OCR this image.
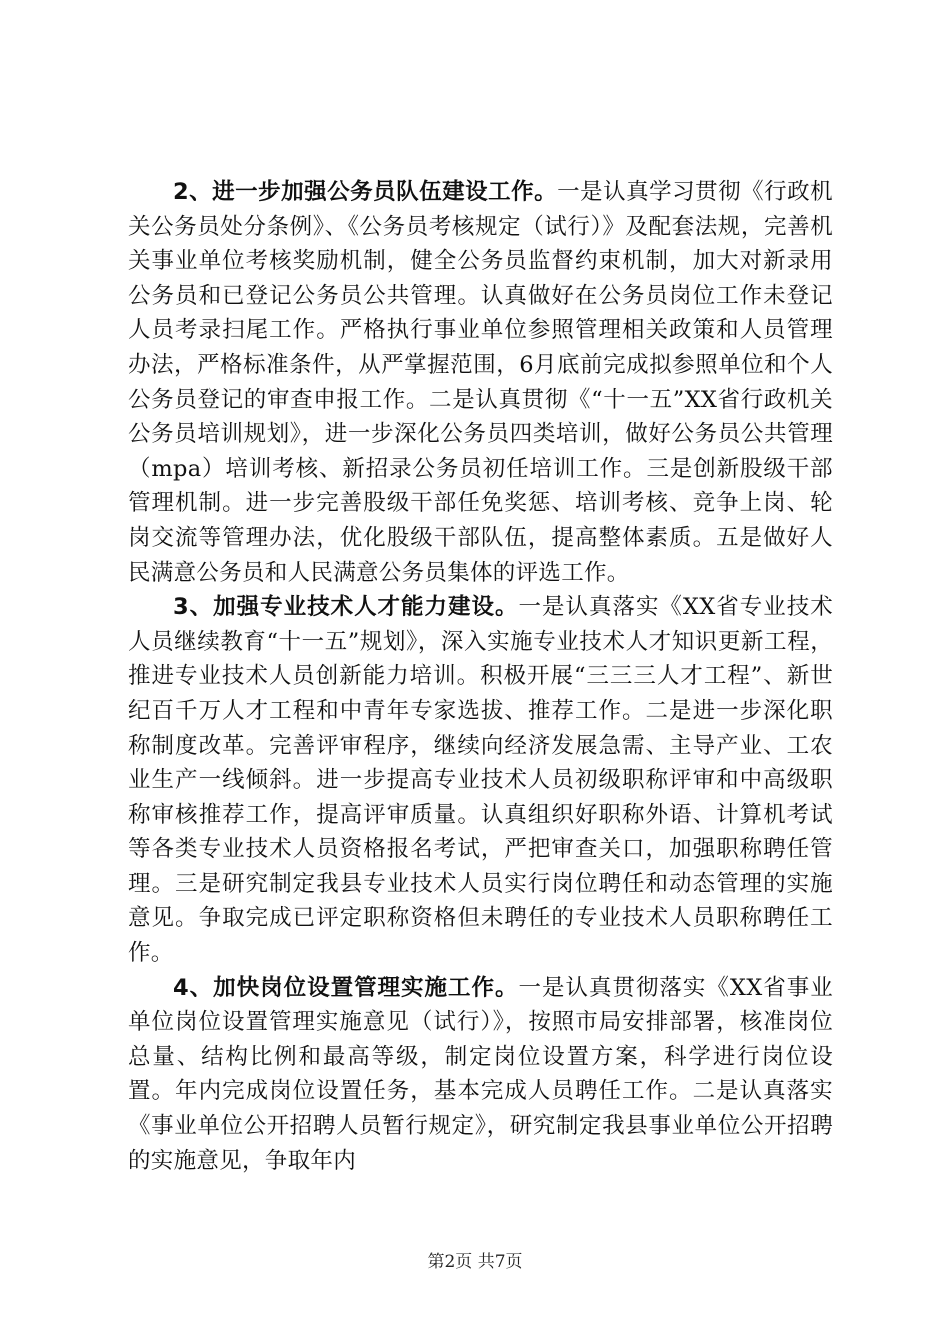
2、进一步加强公务员队伍建设工作。一是认真学习贯彻《行政机关公务员处分条例》、《公务员考核规定（试行）》及配套法规，完善机关事业单位考核奖励机制，健全公务员监督约束机制，加大对新录用公务员和已登记公务员公共管理。认真做好在公务员岗位工作未登记人员考录扫尾工作。严格执行事业单位参照管理相关政策和人员管理办法，严格标准条件，从严掌握范围，6月底前完成拟参照单位和个人公务员登记的审查申报工作。二是认真贯彻《“十一五”XX省行政机关公务员培训规划》，进一步深化公务员四类培训，做好公务员公共管理（mpa）培训考核、新招录公务员初任培训工作。三是创新股级干部管理机制。进一步完善股级干部任免奖惩、培训考核、竞争上岗、轮岗交流等管理办法，优化股级干部队伍，提高整体素质。五是做好人民满意公务员和人民满意公务员集体的评选工作。

3、加强专业技术人才能力建设。一是认真落实《XX省专业技术人员继续教育“十一五”规划》，深入实施专业技术人才知识更新工程，推进专业技术人员创新能力培训。积极开展“三三三人才工程”、新世纪百千万人才工程和中青年专家选拔、推荐工作。二是进一步深化职称制度改革。完善评审程序，继续向经济发展急需、主导产业、工农业生产一线倾斜。进一步提高专业技术人员初级职称评审和中高级职称审核推荐工作，提高评审质量。认真组织好职称外语、计算机考试等各类专业技术人员资格报名考试，严把审查关口，加强职称聘任管理。三是研究制定我县专业技术人员实行岗位聘任和动态管理的实施意见。争取完成已评定职称资格但未聘任的专业技术人员职称聘任工作。

4、加快岗位设置管理实施工作。一是认真贯彻落实《XX省事业单位岗位设置管理实施意见（试行）》，按照市局安排部署，核准岗位总量、结构比例和最高等级，制定岗位设置方案，科学进行岗位设置。年内完成岗位设置任务，基本完成人员聘任工作。二是认真落实《事业单位公开招聘人员暂行规定》，研究制定我县事业单位公开招聘的实施意见，争取年内

第2页 共7页
